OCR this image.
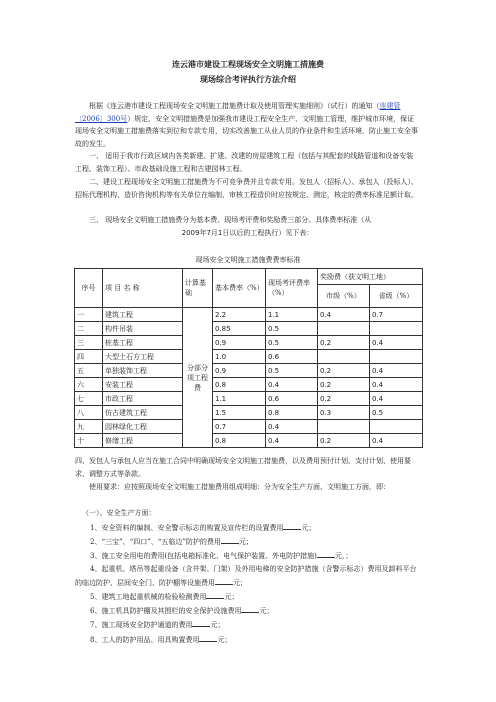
连云港市建设工程现场安全文明施工措施费
现场综合考评执行方法介绍

根据《连云港市建设工程现场安全文明施工措施费计取及使用管理实施细则》（试行）的通知（连建管〔2006〕300号）规定，安全文明措施费是加强我市建设工程安全生产、文明施工管理，维护城市环境，保证现场安全文明施工措施费落实到位和专款专用，切实改善施工从业人员的作业条件和生活环境，防止施工安全事故的发生。

一、 适用于我市行政区域内各类新建、扩建、改建的房屋建筑工程（包括与其配套的线路管道和设备安装工程、装饰工程）、市政基础设施工程和古建园林工程。

二、建设工程现场安全文明施工措施费为不可竞争费并且专款专用。发包人（招标人）、承包人（投标人）、招标代理机构、造价咨询机构等有关单位在编制、审核工程造价时应按规定、测定，核定的费率标准足额计取。

三、 现场安全文明施工措施费分为基本费、现场考评费和奖励费三部分。具体费率标准（从

2009年7月1日以后的工程执行）见下表：

现场安全文明施工措施费费率标准
序号	项 目 名 称	计算基础	基本费率（%）	现场考评费率（%）	奖励费（获文明工地）	
					市级（%）	省级（%）
一	建筑工程	分部分项工程费	2.2	1.1	0.4	0.7
二	构件吊装		0.85	0.5		
三	桩基工程		0.9	0.5	0.2	0.4
四	大型土石方工程		1.0	0.6		
五	单独装饰工程		0.9	0.5	0.2	0.4
六	安装工程		0.8	0.4	0.2	0.4
七	市政工程		1.1	0.6	0.2	0.4
八	仿古建筑工程		1.5	0.8	0.3	0.5
九	园林绿化工程		0.7	0.4		
十	修缮工程		0.8	0.4	0.2	0.4

四、发包人与承包人应当在施工合同中明确现场安全文明施工措施费，以及费用预付计划、支付计划、使用要求、调整方式等条款。

使用要求：应按照现场安全文明施工措施费用组成明细：分为安全生产方面、文明施工方面，即：

（一）、安全生产方面：
1、安全资料的编制、安全警示标志的购置及宣传栏的设置费用	元；
2、“三宝”、“四口”、“五临边”防护的费用	元；
3、施工安全用电的费用(包括电箱标准化、电气保护装置、外电防护措施)	元，；
4、起重机、塔吊等起重设备（含井架、门架）及外用电梯的安全防护措施（含警示标志）费用及卸料平台的临边防护、层间安全门、防护棚等设施费用	元；
5、建筑工地起重机械的检验检测费用	元；
6、施工机具防护棚及其围栏的安全保护设施费用	元；
7、施工现场安全防护通道的费用	元；
8、工人的防护用品、用具购置费用	元；
